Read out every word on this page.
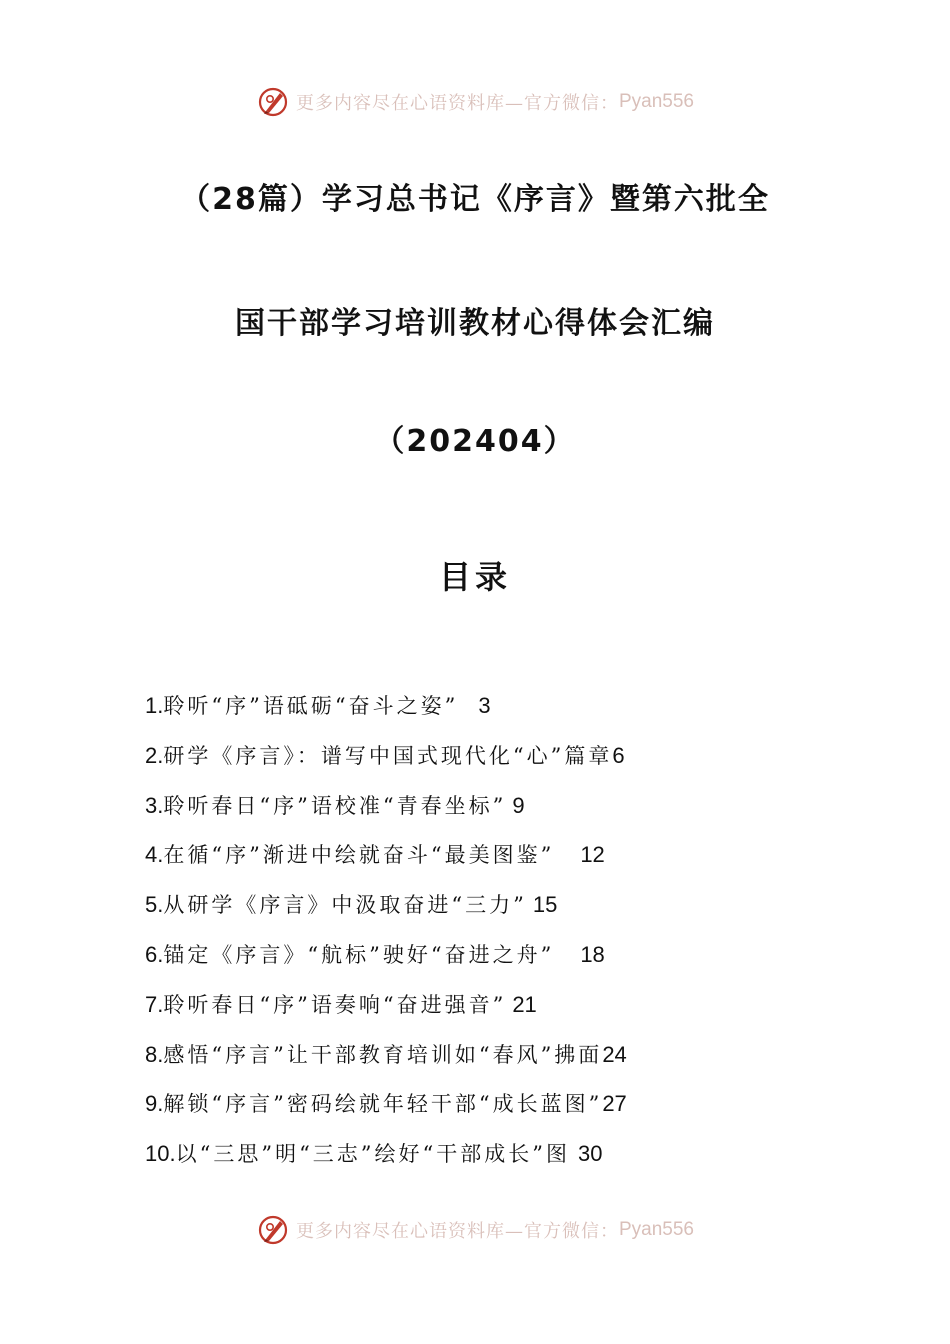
更多内容尽在心语资料库—官方微信： Pyan556
（28篇）学习总书记《序言》暨第六批全
国干部学习培训教材心得体会汇编
（202404）
目录
1.聆听“序”语砥砺“奋斗之姿” 3
2.研学《序言》：谱写中国式现代化“心”篇章6
3.聆听春日“序”语校准“青春坐标” 9
4.在循“序”渐进中绘就奋斗“最美图鉴” 12
5.从研学《序言》中汲取奋进“三力” 15
6.锚定《序言》“航标”驶好“奋进之舟” 18
7.聆听春日“序”语奏响“奋进强音” 21
8.感悟“序言”让干部教育培训如“春风”拂面24
9.解锁“序言”密码绘就年轻干部“成长蓝图”27
10.以“三思”明“三志”绘好“干部成长”图 30
更多内容尽在心语资料库—官方微信： Pyan556
